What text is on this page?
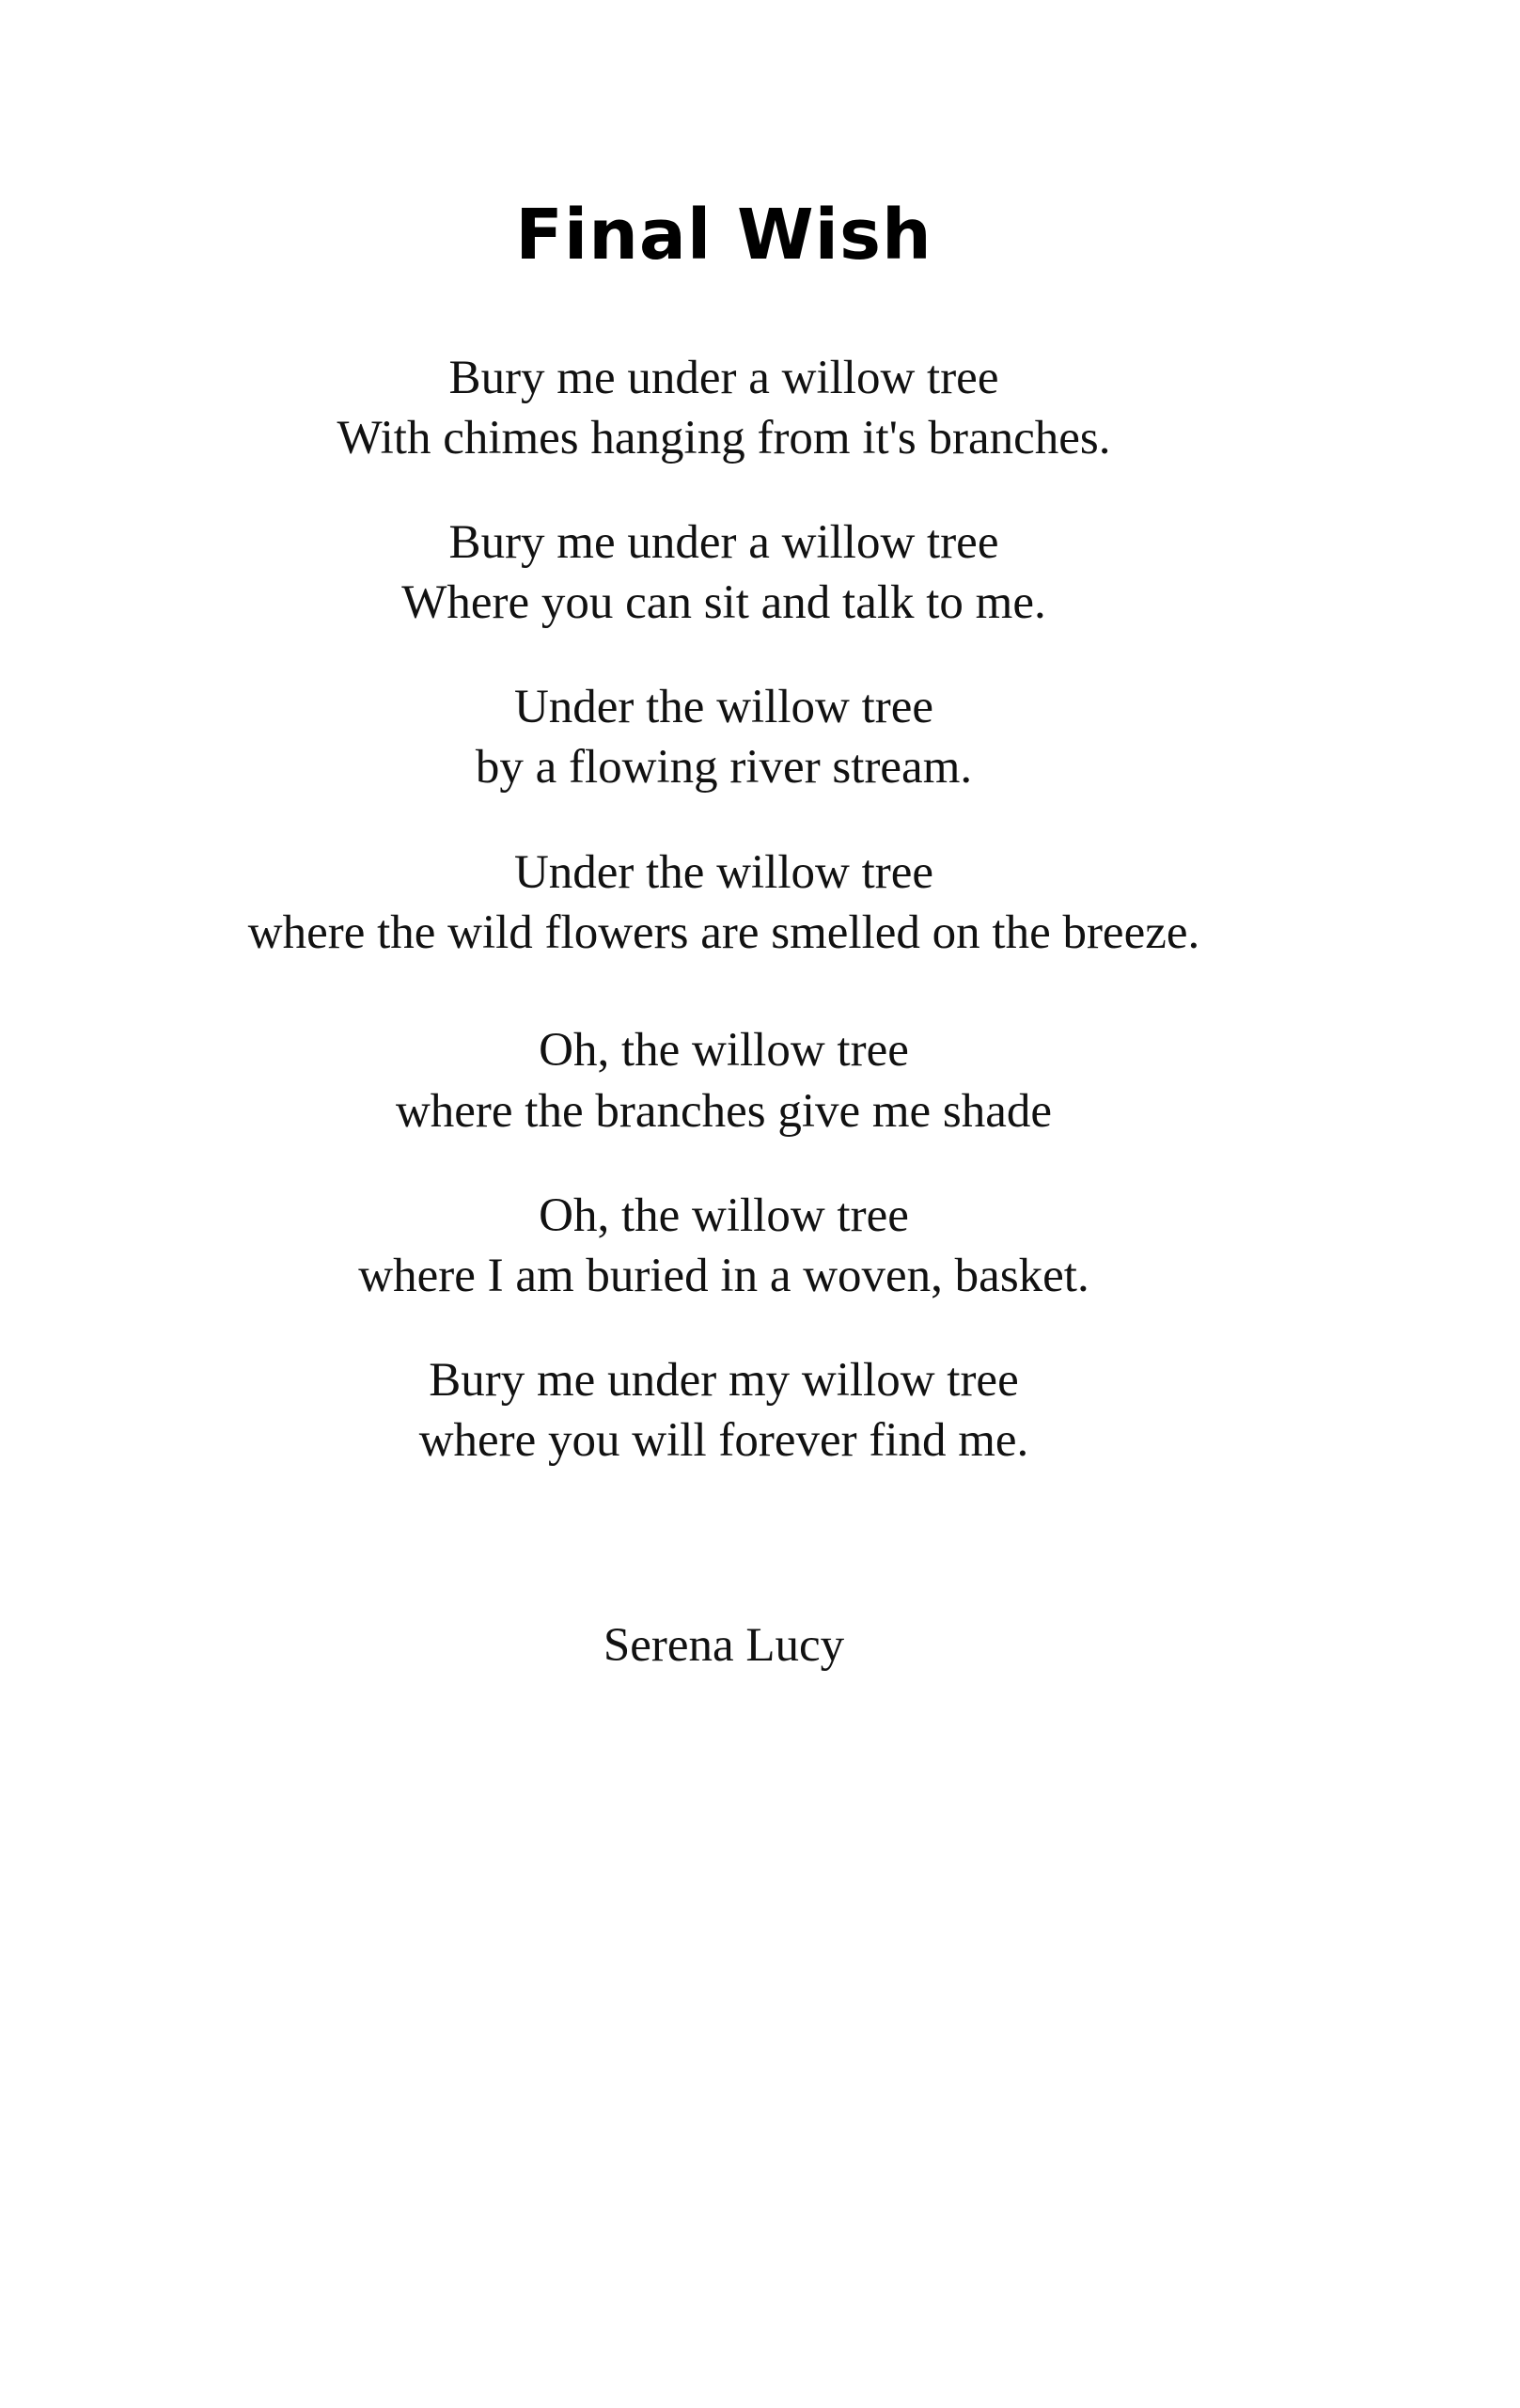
Final Wish
Bury me under a willow tree
With chimes hanging from it's branches.
Bury me under a willow tree
Where you can sit and talk to me.
Under the willow tree
by a flowing river stream.
Under the willow tree
where the wild flowers are smelled on the breeze.
Oh, the willow tree
where the branches give me shade
Oh, the willow tree
where I am buried in a woven, basket.
Bury me under my willow tree
where you will forever find me.
Serena Lucy
